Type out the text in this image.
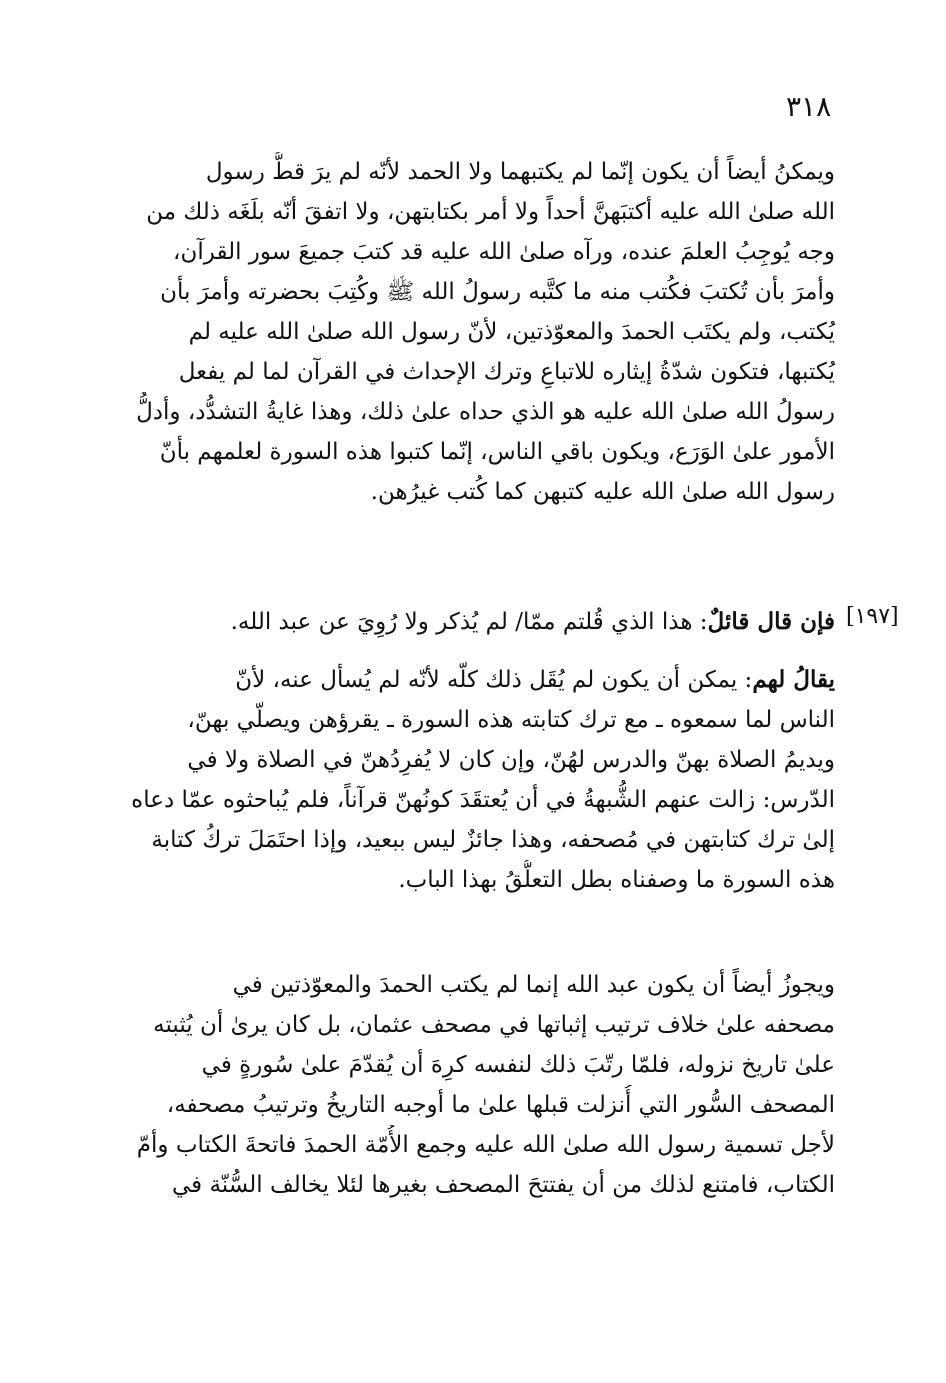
٣١٨
ويمكنُ أيضاً أن يكون إنّما لم يكتبهما ولا الحمد لأنّه لم يرَ قطُّ رسول
الله صلىٰ الله عليه أكتبَهنَّ أحداً ولا أمر بكتابتهن، ولا اتفقَ أنّه بلَغَه ذلك من
وجه يُوجِبُ العلمَ عنده، ورآه صلىٰ الله عليه قد كتبَ جميعَ سور القرآن،
وأمرَ بأن تُكتبَ فكُتب منه ما كتَّبه رسولُ الله ﷺ وكُتِبَ بحضرته وأمرَ بأن
يُكتب، ولم يكتَب الحمدَ والمعوّذتين، لأنّ رسول الله صلىٰ الله عليه لم
يُكتبها، فتكون شدّةُ إيثاره للاتباعِ وترك الإحداث في القرآن لما لم يفعل
رسولُ الله صلىٰ الله عليه هو الذي حداه علىٰ ذلك، وهذا غايةُ التشدُّد، وأدلُّ
الأمور علىٰ الوَرَع، ويكون باقي الناس، إنّما كتبوا هذه السورة لعلمهم بأنّ
رسول الله صلىٰ الله عليه كتبهن كما كُتب غيرُهن.
[١٩٧]
فإن قال قائلٌ: هذا الذي قُلتم ممّا/ لم يُذكر ولا رُوِيَ عن عبد الله.
يقالُ لهم: يمكن أن يكون لم يُقَل ذلك كلّه لأنّه لم يُسأل عنه، لأنّ
الناس لما سمعوه ـ مع ترك كتابته هذه السورة ـ يقرؤهن ويصلّي بهنّ،
ويديمُ الصلاة بهنّ والدرس لهُنّ، وإن كان لا يُفرِدُهنّ في الصلاة ولا في
الدّرس: زالت عنهم الشُّبهةُ في أن يُعتقَدَ كونُهنّ قرآناً، فلم يُباحثوه عمّا دعاه
إلىٰ ترك كتابتهن في مُصحفه، وهذا جائزٌ ليس ببعيد، وإذا احتَمَلَ تركُ كتابة
هذه السورة ما وصفناه بطل التعلُّقُ بهذا الباب.
ويجوزُ أيضاً أن يكون عبد الله إنما لم يكتب الحمدَ والمعوّذتين في
مصحفه علىٰ خلاف ترتيب إثباتها في مصحف عثمان، بل كان يرىٰ أن يُثبته
علىٰ تاريخ نزوله، فلمّا رتّبَ ذلك لنفسه كرِهَ أن يُقدّمَ علىٰ سُورةٍ في
المصحف السُّور التي أُنزلت قبلها علىٰ ما أوجبه التاريخُ وترتيبُ مصحفه،
لأجل تسمية رسول الله صلىٰ الله عليه وجمع الأُمّة الحمدَ فاتحةَ الكتاب وأمّ
الكتاب، فامتنع لذلك من أن يفتتحَ المصحف بغيرها لئلا يخالف السُّنّة في
